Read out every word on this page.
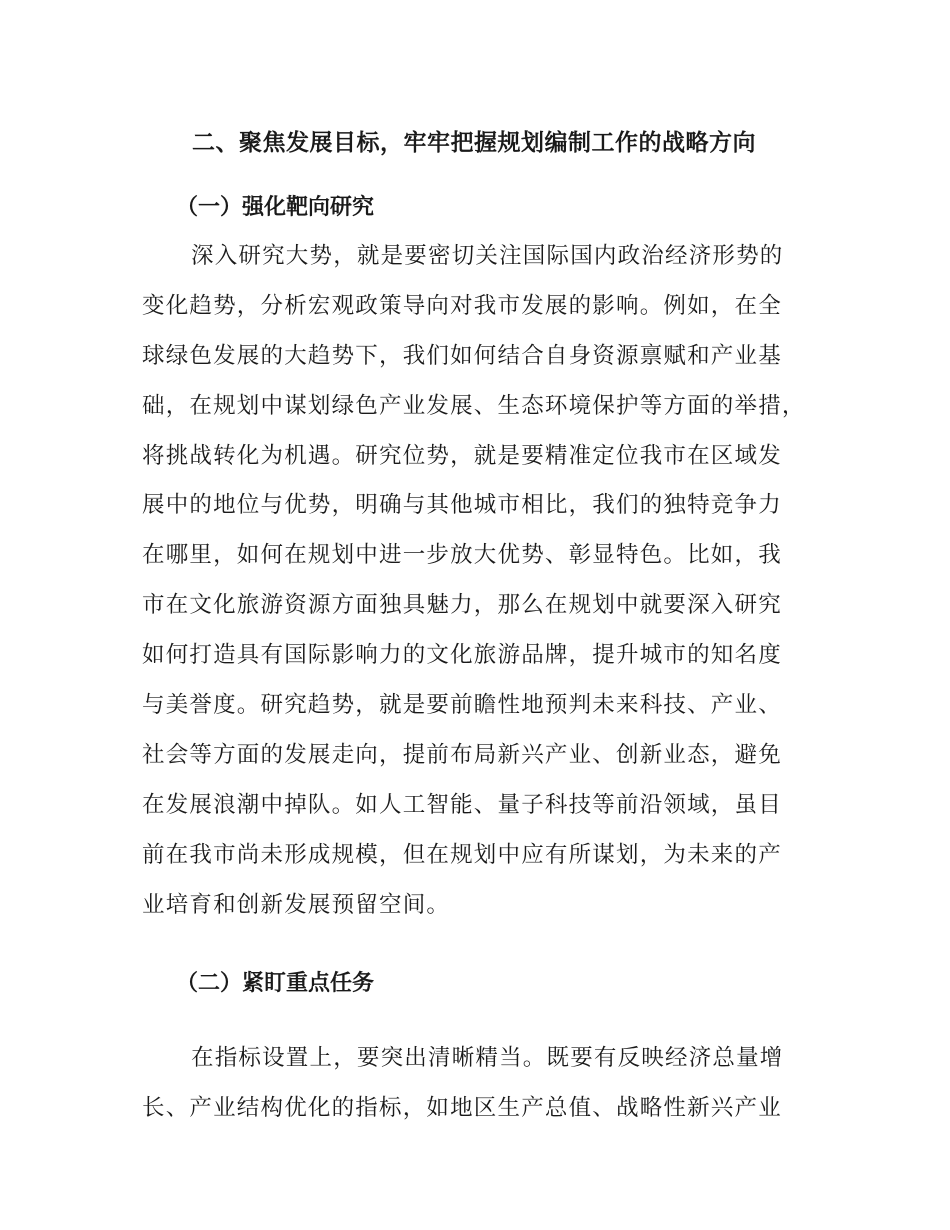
二、聚焦发展目标，牢牢把握规划编制工作的战略方向
（一）强化靶向研究
深入研究大势，就是要密切关注国际国内政治经济形势的
变化趋势，分析宏观政策导向对我市发展的影响。例如，在全
球绿色发展的大趋势下，我们如何结合自身资源禀赋和产业基
础，在规划中谋划绿色产业发展、生态环境保护等方面的举措，
将挑战转化为机遇。研究位势，就是要精准定位我市在区域发
展中的地位与优势，明确与其他城市相比，我们的独特竞争力
在哪里，如何在规划中进一步放大优势、彰显特色。比如，我
市在文化旅游资源方面独具魅力，那么在规划中就要深入研究
如何打造具有国际影响力的文化旅游品牌，提升城市的知名度
与美誉度。研究趋势，就是要前瞻性地预判未来科技、产业、
社会等方面的发展走向，提前布局新兴产业、创新业态，避免
在发展浪潮中掉队。如人工智能、量子科技等前沿领域，虽目
前在我市尚未形成规模，但在规划中应有所谋划，为未来的产
业培育和创新发展预留空间。
（二）紧盯重点任务
在指标设置上，要突出清晰精当。既要有反映经济总量增
长、产业结构优化的指标，如地区生产总值、战略性新兴产业
